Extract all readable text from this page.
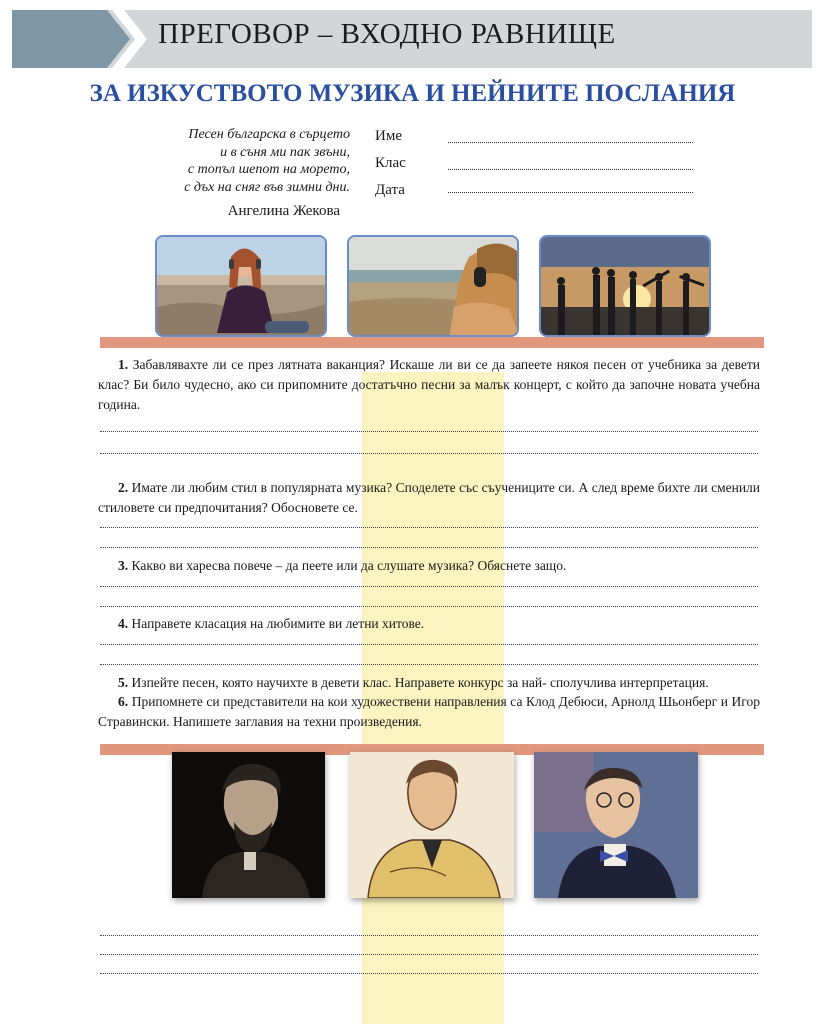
ПРЕГОВОР – ВХОДНО РАВНИЩЕ
ЗА ИЗКУСТВОТО МУЗИКА И НЕЙНИТЕ ПОСЛАНИЯ
Песен българска в сърцето
и в съня ми пак звъни,
с топъл шепот на морето,
с дъх на сняг във зимни дни.
Ангелина Жекова
Име
Клас
Дата
1. Забавлявахте ли се през лятната ваканция? Искаше ли ви се да запеете някоя песен от учебника за девети клас? Би било чудесно, ако си припомните достатъчно песни за малък концерт, с който да започне новата учебна година.
2. Имате ли любим стил в популярната музика? Споделете със съучениците си. А след време бихте ли сменили стиловете си предпочитания? Обосновете се.
3. Какво ви харесва повече – да пеете или да слушате музика? Обяснете защо.
4. Направете класация на любимите ви летни хитове.
5. Изпейте песен, която научихте в девети клас. Направете конкурс за най- сполучлива интерпретация.
6. Припомнете си представители на кои художествени направления са Клод Дебюси, Арнолд Шьонберг и Игор Стравински. Напишете заглавия на техни произведения.
